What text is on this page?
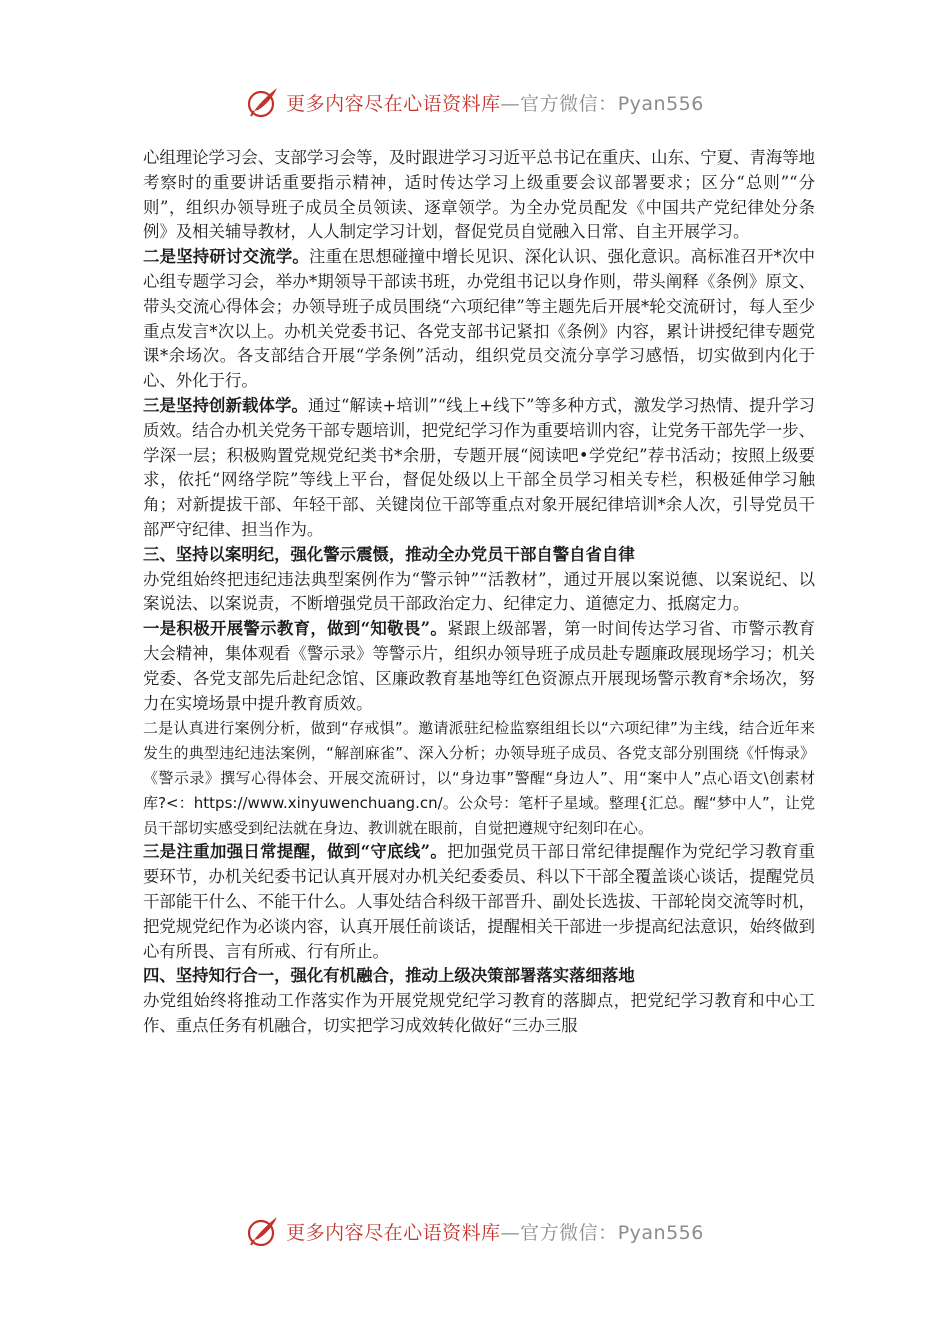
更多内容尽在心语资料库—官方微信：Pyan556

心组理论学习会、支部学习会等，及时跟进学习习近平总书记在重庆、山东、宁夏、青海等地考察时的重要讲话重要指示精神，适时传达学习上级重要会议部署要求；区分“总则”“分则”，组织办领导班子成员全员领读、逐章领学。为全办党员配发《中国共产党纪律处分条例》及相关辅导教材，人人制定学习计划，督促党员自觉融入日常、自主开展学习。

二是坚持研讨交流学。注重在思想碰撞中增长见识、深化认识、强化意识。高标准召开*次中心组专题学习会，举办*期领导干部读书班，办党组书记以身作则，带头阐释《条例》原文、带头交流心得体会；办领导班子成员围绕“六项纪律”等主题先后开展*轮交流研讨，每人至少重点发言*次以上。办机关党委书记、各党支部书记紧扣《条例》内容，累计讲授纪律专题党课*余场次。各支部结合开展“学条例”活动，组织党员交流分享学习感悟，切实做到内化于心、外化于行。

三是坚持创新载体学。通过“解读+培训”“线上+线下”等多种方式，激发学习热情、提升学习质效。结合办机关党务干部专题培训，把党纪学习作为重要培训内容，让党务干部先学一步、学深一层；积极购置党规党纪类书*余册，专题开展“阅读吧•学党纪”荐书活动；按照上级要求，依托“网络学院”等线上平台，督促处级以上干部全员学习相关专栏，积极延伸学习触角；对新提拔干部、年轻干部、关键岗位干部等重点对象开展纪律培训*余人次，引导党员干部严守纪律、担当作为。

三、坚持以案明纪，强化警示震慑，推动全办党员干部自警自省自律

办党组始终把违纪违法典型案例作为“警示钟”“活教材”，通过开展以案说德、以案说纪、以案说法、以案说责，不断增强党员干部政治定力、纪律定力、道德定力、抵腐定力。

一是积极开展警示教育，做到“知敬畏”。紧跟上级部署，第一时间传达学习省、市警示教育大会精神，集体观看《警示录》等警示片，组织办领导班子成员赴专题廉政展现场学习；机关党委、各党支部先后赴纪念馆、区廉政教育基地等红色资源点开展现场警示教育*余场次，努力在实境场景中提升教育质效。

二是认真进行案例分析，做到“存戒惧”。邀请派驻纪检监察组组长以“六项纪律”为主线，结合近年来发生的典型违纪违法案例，“解剖麻雀”、深入分析；办领导班子成员、各党支部分别围绕《忏悔录》《警示录》撰写心得体会、开展交流研讨，以“身边事”警醒“身边人”、用“案中人”点心语文\创素材库?<：https://www.xinyuwenchuang.cn/。公众号：笔杆子星域。整理{汇总。醒“梦中人”，让党员干部切实感受到纪法就在身边、教训就在眼前，自觉把遵规守纪刻印在心。

三是注重加强日常提醒，做到“守底线”。把加强党员干部日常纪律提醒作为党纪学习教育重要环节，办机关纪委书记认真开展对办机关纪委委员、科以下干部全覆盖谈心谈话，提醒党员干部能干什么、不能干什么。人事处结合科级干部晋升、副处长选拔、干部轮岗交流等时机，把党规党纪作为必谈内容，认真开展任前谈话，提醒相关干部进一步提高纪法意识，始终做到心有所畏、言有所戒、行有所止。

四、坚持知行合一，强化有机融合，推动上级决策部署落实落细落地

办党组始终将推动工作落实作为开展党规党纪学习教育的落脚点，把党纪学习教育和中心工作、重点任务有机融合，切实把学习成效转化做好“三办三服

更多内容尽在心语资料库—官方微信：Pyan556
